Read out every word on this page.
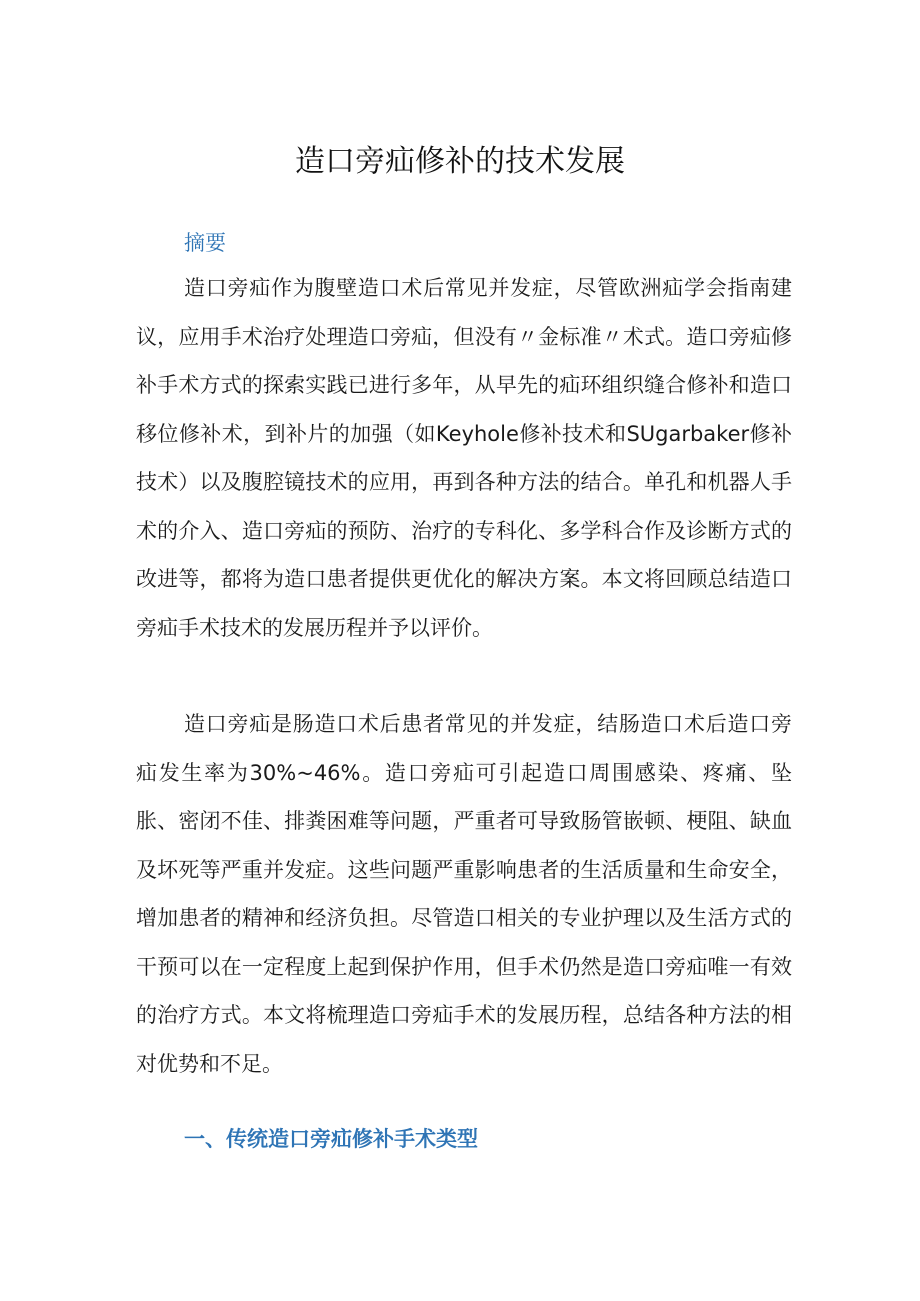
造口旁疝修补的技术发展
摘要
造口旁疝作为腹壁造口术后常见并发症，尽管欧洲疝学会指南建议，应用手术治疗处理造口旁疝，但没有〃金标准〃术式。造口旁疝修补手术方式的探索实践已进行多年，从早先的疝环组织缝合修补和造口移位修补术，到补片的加强（如Keyhole修补技术和SUgarbaker修补技术）以及腹腔镜技术的应用，再到各种方法的结合。单孔和机器人手术的介入、造口旁疝的预防、治疗的专科化、多学科合作及诊断方式的改进等，都将为造口患者提供更优化的解决方案。本文将回顾总结造口旁疝手术技术的发展历程并予以评价。
造口旁疝是肠造口术后患者常见的并发症，结肠造口术后造口旁疝发生率为30%~46%。造口旁疝可引起造口周围感染、疼痛、坠胀、密闭不佳、排粪困难等问题，严重者可导致肠管嵌顿、梗阻、缺血及坏死等严重并发症。这些问题严重影响患者的生活质量和生命安全，增加患者的精神和经济负担。尽管造口相关的专业护理以及生活方式的干预可以在一定程度上起到保护作用，但手术仍然是造口旁疝唯一有效的治疗方式。本文将梳理造口旁疝手术的发展历程，总结各种方法的相对优势和不足。
一、传统造口旁疝修补手术类型
